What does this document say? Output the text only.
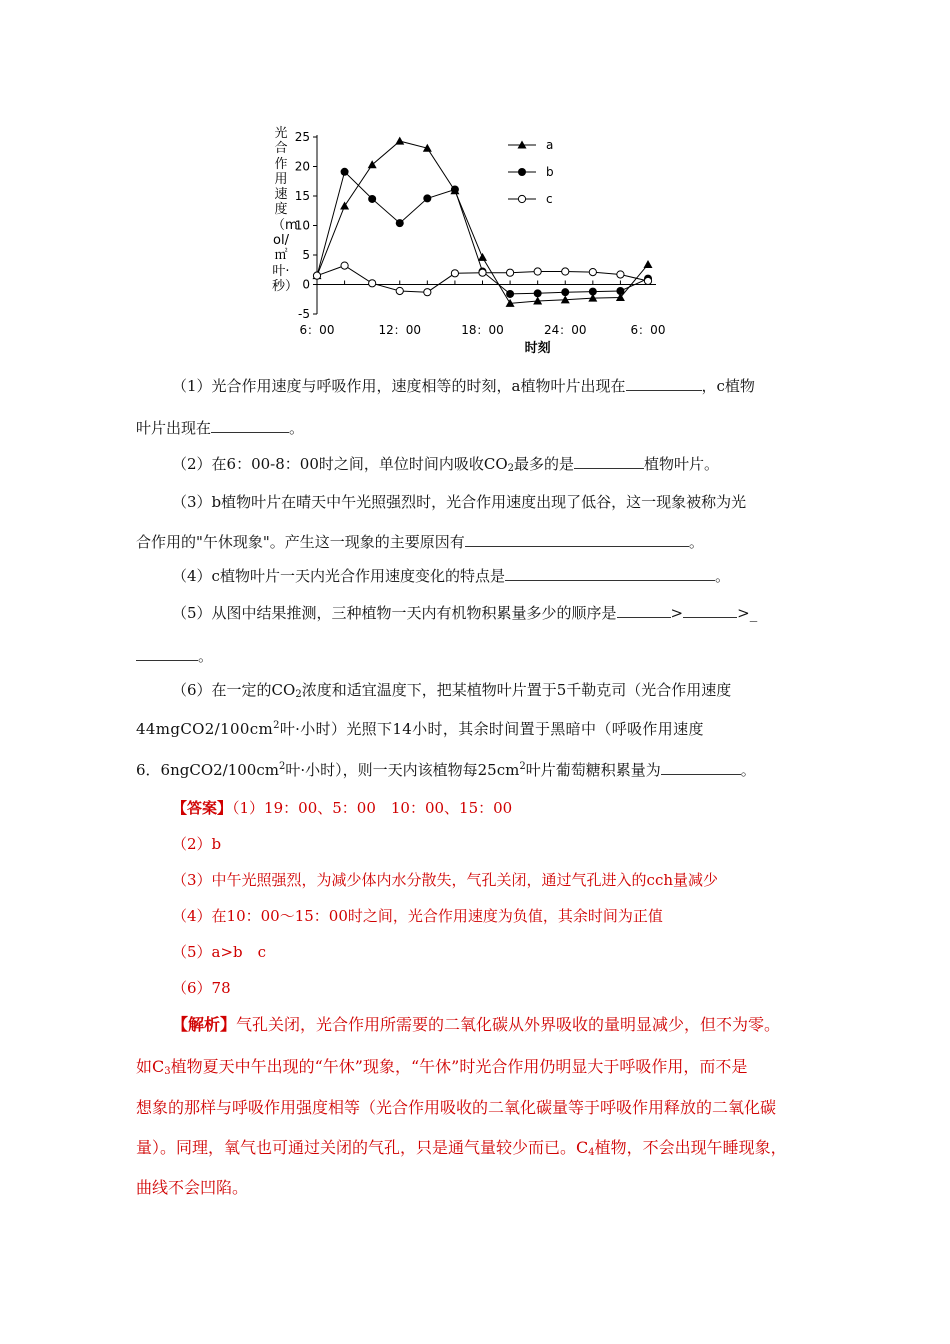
光合作用速度（mol/㎡叶·秒）
25
20
15
10
5
0
-5
6：00	12：00	18：00	24：00	6：00
时刻
a
b
c
（1）光合作用速度与呼吸作用，速度相等的时刻，a植物叶片出现在	，c植物
叶片出现在	。
（2）在6：00-8：00时之间，单位时间内吸收$CO_2$最多的是	植物叶片。
（3）b植物叶片在晴天中午光照强烈时，光合作用速度出现了低谷，这一现象被称为光
合作用的"午休现象"。产生这一现象的主要原因有	。
（4）c植物叶片一天内光合作用速度变化的特点是	。
（5）从图中结果推测，三种植物一天内有机物积累量多少的顺序是	>	>_
。
（6）在一定的$CO_2$浓度和适宜温度下，把某植物叶片置于5千勒克司（光合作用速度
$44mgCO2/100cm^2$叶·小时）光照下14小时，其余时间置于黑暗中（呼吸作用速度
6．$6ngCO2/100cm^2$叶·小时），则一天内该植物每$25cm^2$叶片葡萄糖积累量为	。
【答案】（1）19：00、5：00　10：00、15：00
（2）b
（3）中午光照强烈，为减少体内水分散失，气孔关闭，通过气孔进入的cch量减少
（4）在10：00～15：00时之间，光合作用速度为负值，其余时间为正值
（5）a>b　c
（6）78
【解析】气孔关闭，光合作用所需要的二氧化碳从外界吸收的量明显减少，但不为零。
如$C_3$植物夏天中午出现的“午休”现象，“午休”时光合作用仍明显大于呼吸作用，而不是
想象的那样与呼吸作用强度相等（光合作用吸收的二氧化碳量等于呼吸作用释放的二氧化碳
量）。同理，氧气也可通过关闭的气孔，只是通气量较少而已。$C_4$植物，不会出现午睡现象，
曲线不会凹陷。
